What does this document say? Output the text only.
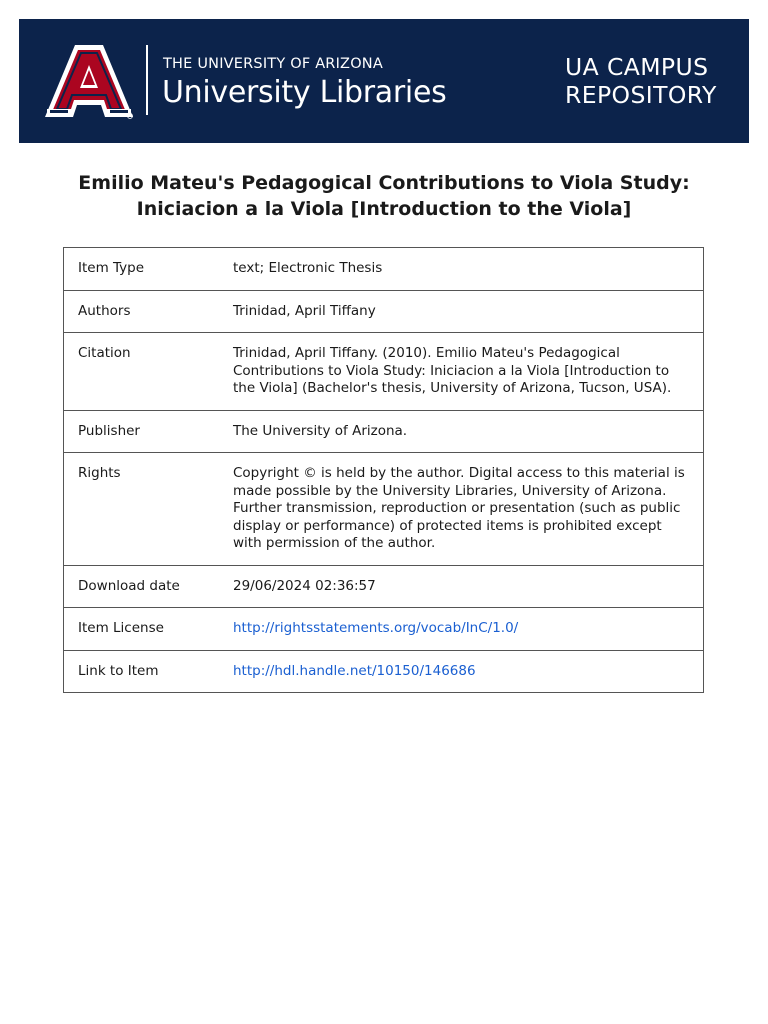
THE UNIVERSITY OF ARIZONA
University Libraries
UA CAMPUS
REPOSITORY
Emilio Mateu's Pedagogical Contributions to Viola Study: Iniciacion a la Viola [Introduction to the Viola]
Item Type	text; Electronic Thesis
Authors	Trinidad, April Tiffany
Citation	Trinidad, April Tiffany. (2010). Emilio Mateu's Pedagogical Contributions to Viola Study: Iniciacion a la Viola [Introduction to the Viola] (Bachelor's thesis, University of Arizona, Tucson, USA).
Publisher	The University of Arizona.
Rights	Copyright © is held by the author. Digital access to this material is made possible by the University Libraries, University of Arizona. Further transmission, reproduction or presentation (such as public display or performance) of protected items is prohibited except with permission of the author.
Download date	29/06/2024 02:36:57
Item License	http://rightsstatements.org/vocab/InC/1.0/
Link to Item	http://hdl.handle.net/10150/146686
